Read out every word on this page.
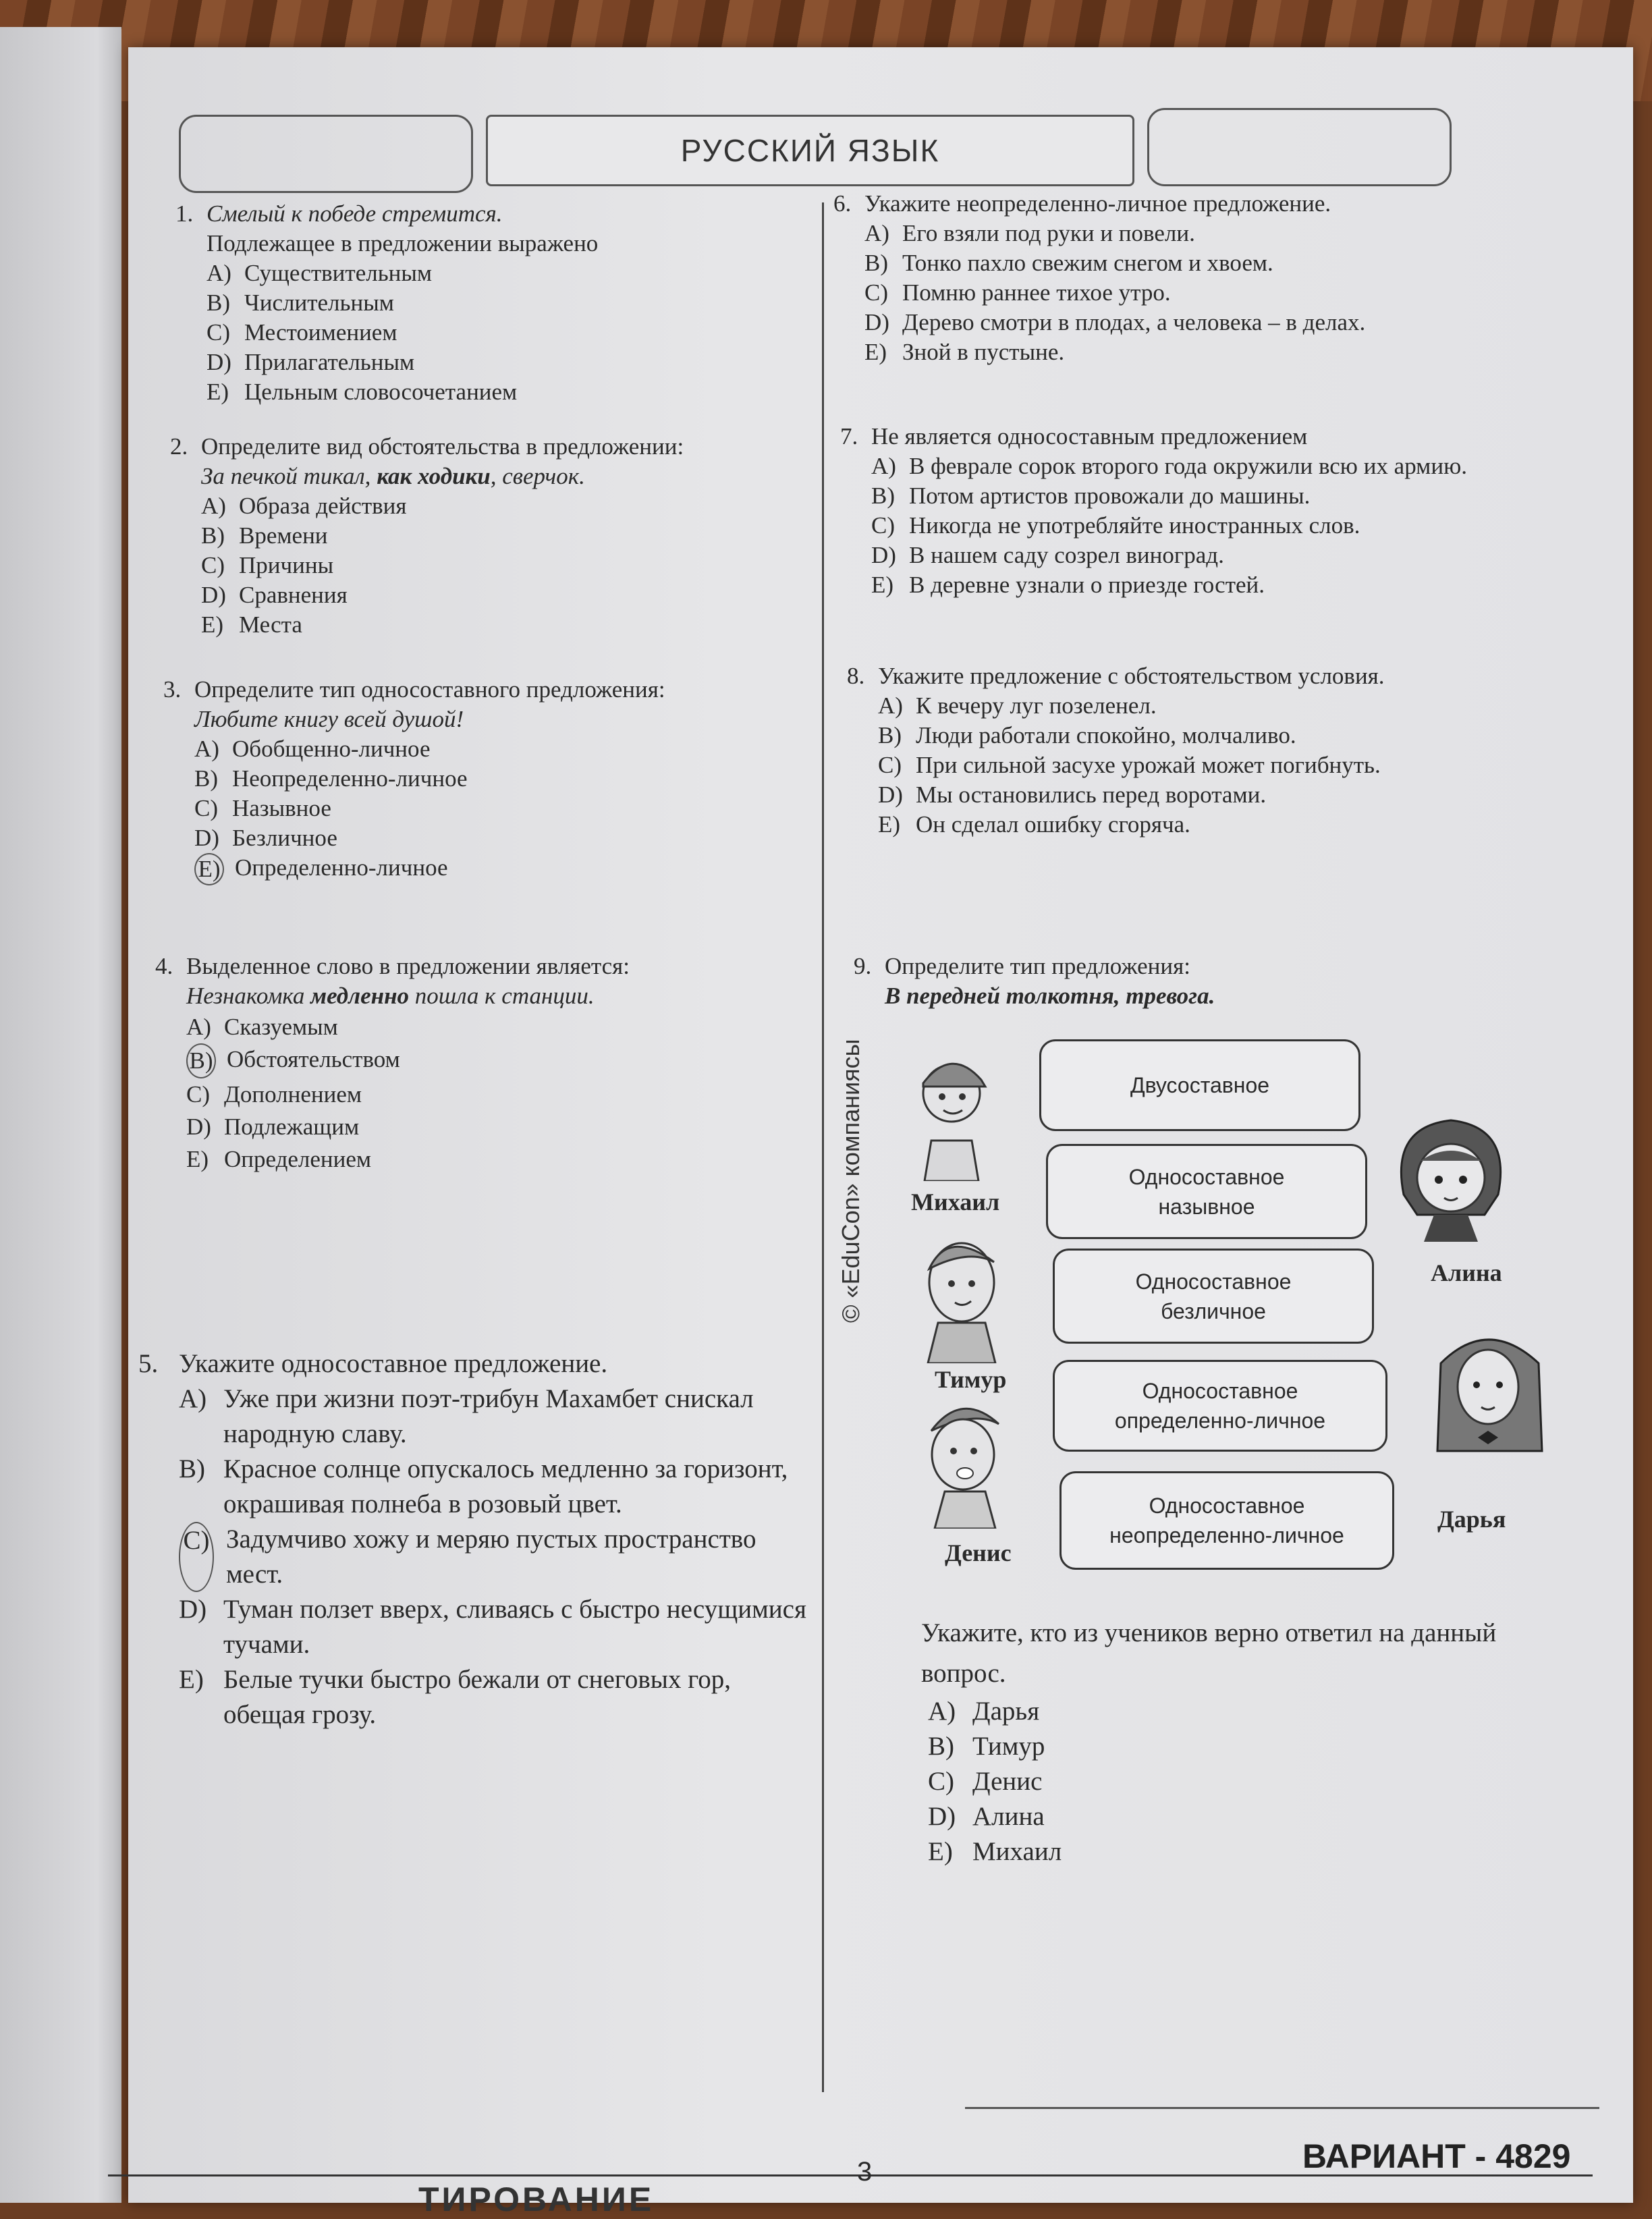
РУССКИЙ ЯЗЫК
© «EduCon» компаниясы
1. Смелый к победе стремится.
Подлежащее в предложении выражено
A) Существительным
B) Числительным
C) Местоимением
D) Прилагательным
E) Цельным словосочетанием
2. Определите вид обстоятельства в предложении:
За печкой тикал, как ходики, сверчок.
A) Образа действия
B) Времени
C) Причины
D) Сравнения
E) Места
3. Определите тип односоставного предложения:
Любите книгу всей душой!
A) Обобщенно-личное
B) Неопределенно-личное
C) Назывное
D) Безличное
E) Определенно-личное
4. Выделенное слово в предложении является:
Незнакомка медленно пошла к станции.
A) Сказуемым
B) Обстоятельством
C) Дополнением
D) Подлежащим
E) Определением
5. Укажите односоставное предложение.
A) Уже при жизни поэт-трибун Махамбет снискал народную славу.
B) Красное солнце опускалось медленно за горизонт, окрашивая полнеба в розовый цвет.
C) Задумчиво хожу и меряю пустых пространство мест.
D) Туман ползет вверх, сливаясь с быстро несущимися тучами.
E) Белые тучки быстро бежали от снеговых гор, обещая грозу.
6. Укажите неопределенно-личное предложение.
A) Его взяли под руки и повели.
B) Тонко пахло свежим снегом и хвоем.
C) Помню раннее тихое утро.
D) Дерево смотри в плодах, а человека – в делах.
E) Зной в пустыне.
7. Не является односоставным предложением
A) В феврале сорок второго года окружили всю их армию.
B) Потом артистов провожали до машины.
C) Никогда не употребляйте иностранных слов.
D) В нашем саду созрел виноград.
E) В деревне узнали о приезде гостей.
8. Укажите предложение с обстоятельством условия.
A) К вечеру луг позеленел.
B) Люди работали спокойно, молчаливо.
C) При сильной засухе урожай может погибнуть.
D) Мы остановились перед воротами.
E) Он сделал ошибку сгоряча.
9. Определите тип предложения:
В передней толкотня, тревога.
Михаил
Двусоставное
Алина
Односоставное
назывное
Тимур
Односоставное
безличное
Дарья
Односоставное
определенно-личное
Денис
Односоставное
неопределенно-личное
Укажите, кто из учеников верно ответил на данный вопрос.
A) Дарья
B) Тимур
C) Денис
D) Алина
E) Михаил
3	ВАРИАНТ - 4829
ТИРОВАНИЕ
